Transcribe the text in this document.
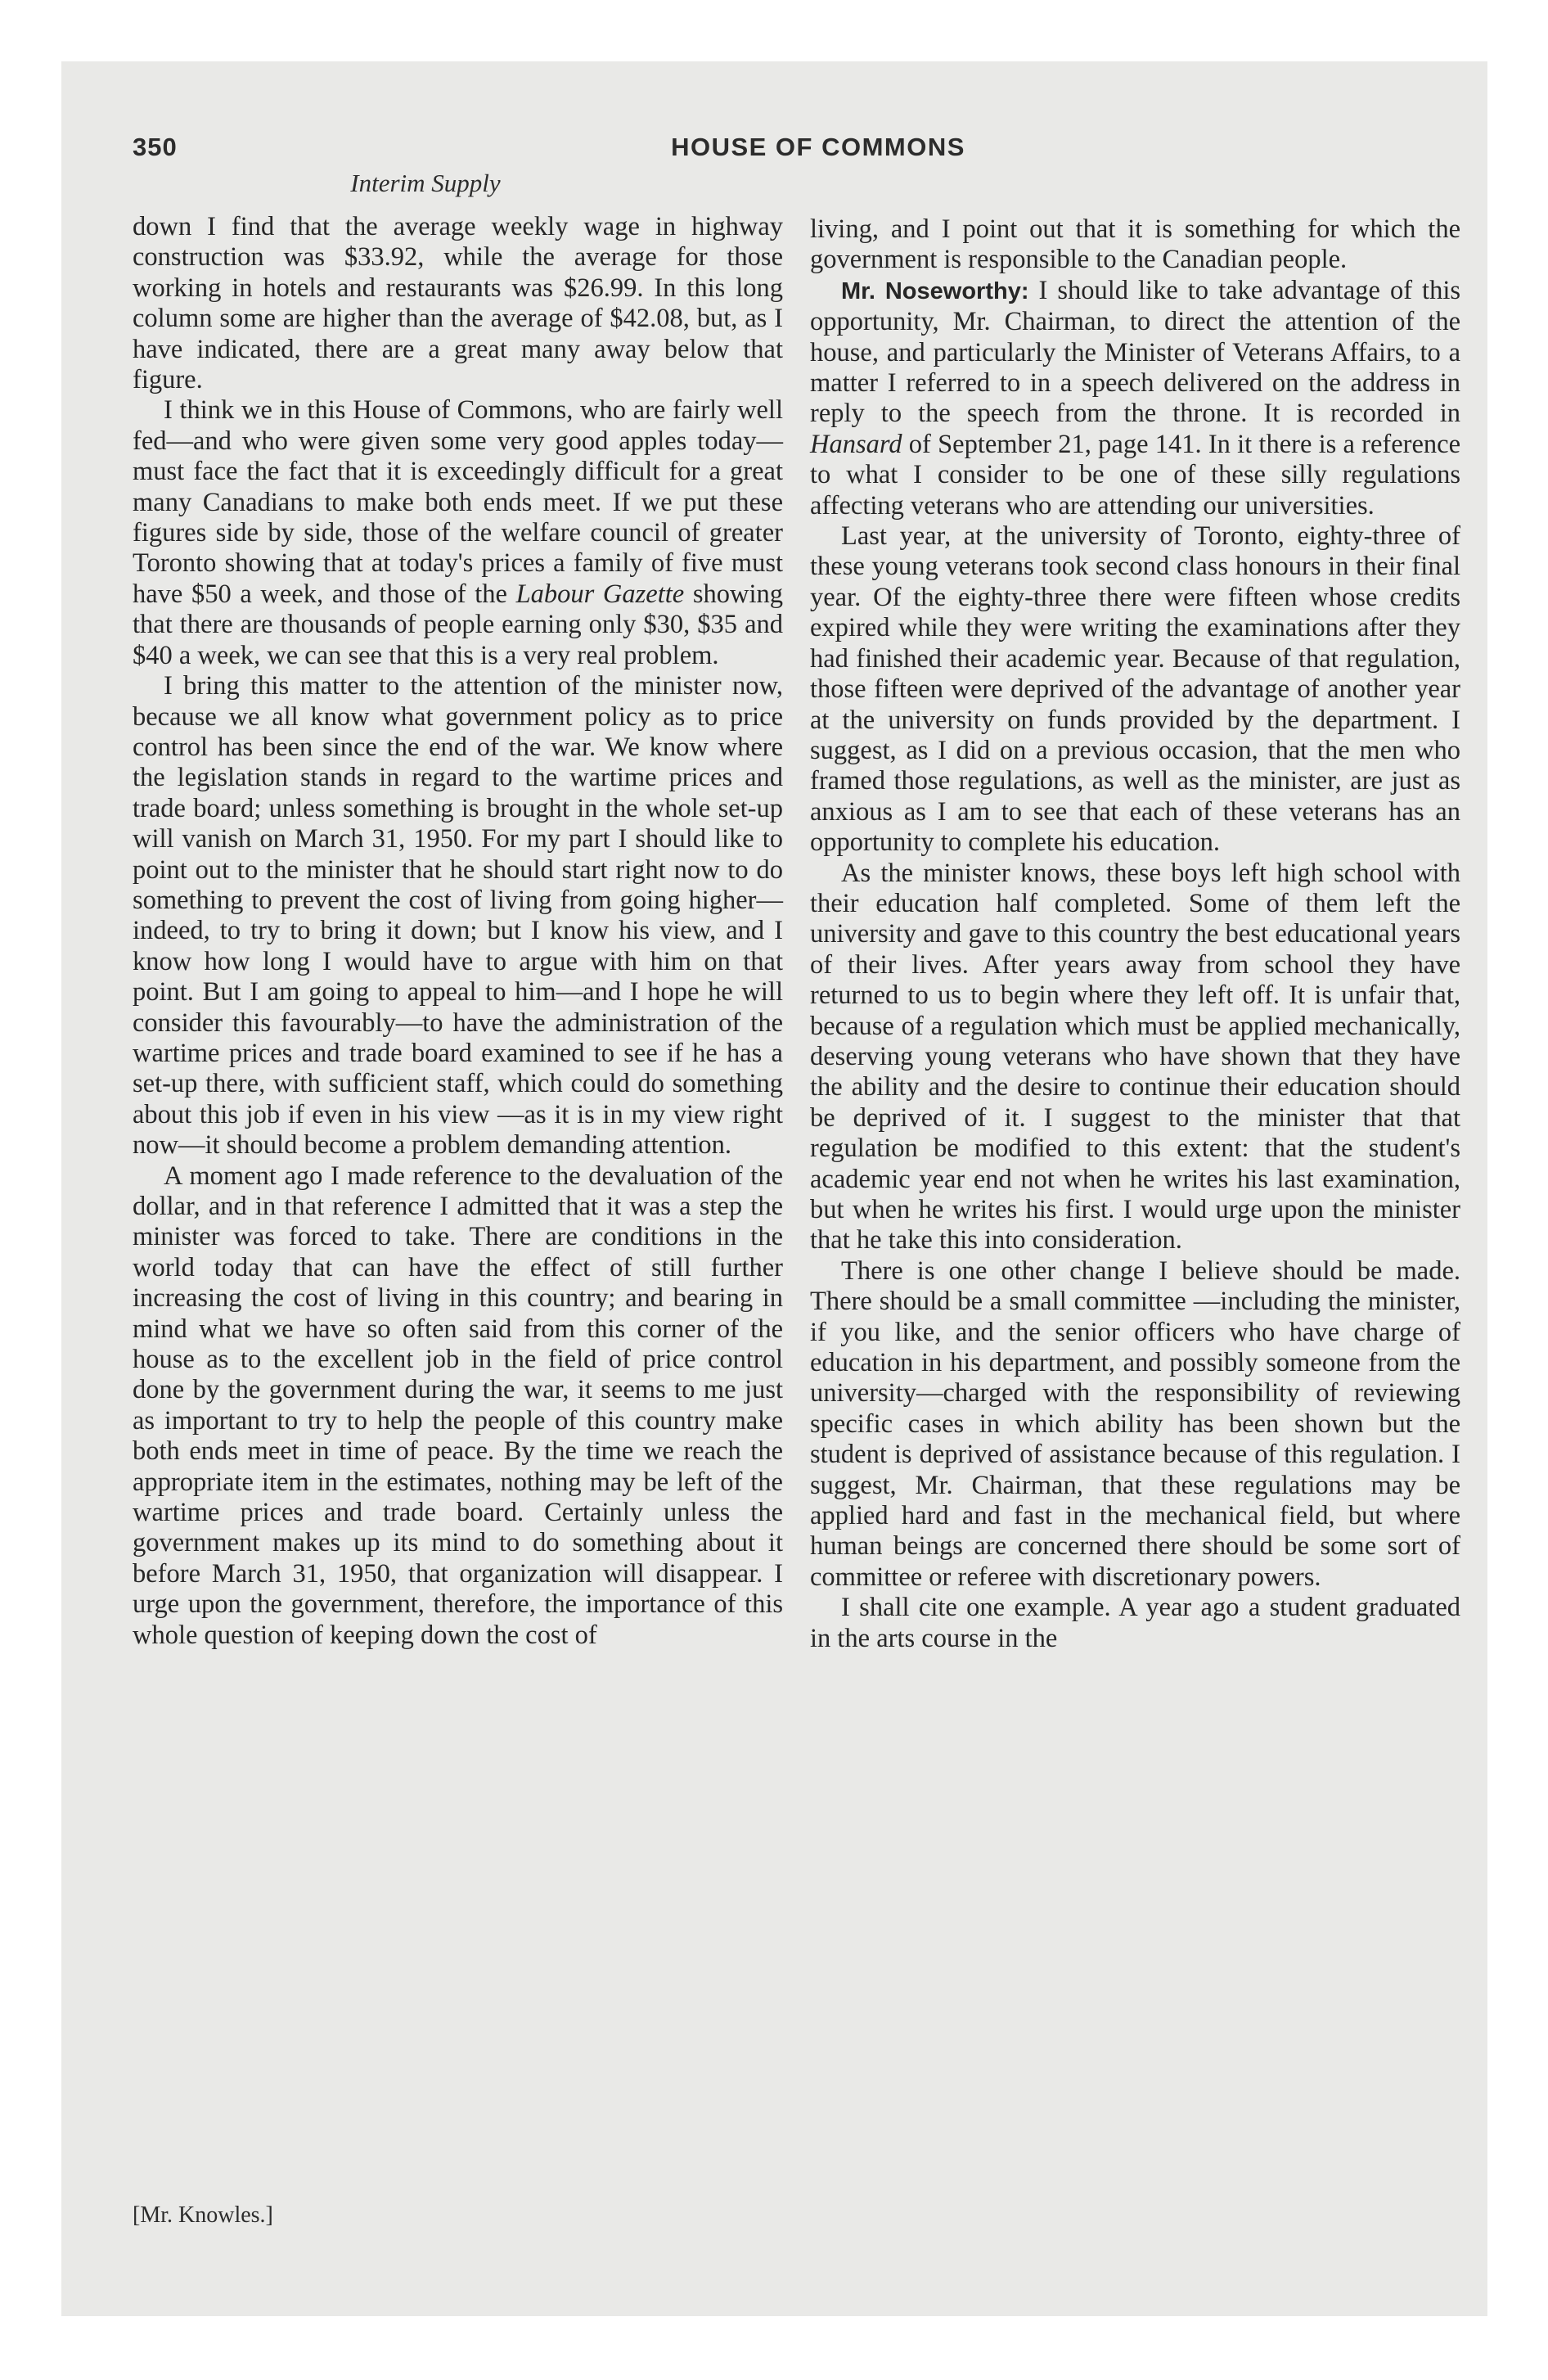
350	HOUSE OF COMMONS
Interim Supply

down I find that the average weekly wage in highway construction was $33.92, while the average for those working in hotels and restaurants was $26.99. In this long column some are higher than the average of $42.08, but, as I have indicated, there are a great many away below that figure.

I think we in this House of Commons, who are fairly well fed—and who were given some very good apples today—must face the fact that it is exceedingly difficult for a great many Canadians to make both ends meet. If we put these figures side by side, those of the welfare council of greater Toronto showing that at today's prices a family of five must have $50 a week, and those of the Labour Gazette showing that there are thousands of people earning only $30, $35 and $40 a week, we can see that this is a very real problem.

I bring this matter to the attention of the minister now, because we all know what government policy as to price control has been since the end of the war. We know where the legislation stands in regard to the wartime prices and trade board; unless something is brought in the whole set-up will vanish on March 31, 1950. For my part I should like to point out to the minister that he should start right now to do something to prevent the cost of living from going higher—indeed, to try to bring it down; but I know his view, and I know how long I would have to argue with him on that point. But I am going to appeal to him—and I hope he will consider this favourably—to have the administration of the wartime prices and trade board examined to see if he has a set-up there, with sufficient staff, which could do something about this job if even in his view —as it is in my view right now—it should become a problem demanding attention.

A moment ago I made reference to the devaluation of the dollar, and in that reference I admitted that it was a step the minister was forced to take. There are conditions in the world today that can have the effect of still further increasing the cost of living in this country; and bearing in mind what we have so often said from this corner of the house as to the excellent job in the field of price control done by the government during the war, it seems to me just as important to try to help the people of this country make both ends meet in time of peace. By the time we reach the appropriate item in the estimates, nothing may be left of the wartime prices and trade board. Certainly unless the government makes up its mind to do something about it before March 31, 1950, that organization will disappear. I urge upon the government, therefore, the importance of this whole question of keeping down the cost of

living, and I point out that it is something for which the government is responsible to the Canadian people.

Mr. Noseworthy: I should like to take advantage of this opportunity, Mr. Chairman, to direct the attention of the house, and particularly the Minister of Veterans Affairs, to a matter I referred to in a speech delivered on the address in reply to the speech from the throne. It is recorded in Hansard of September 21, page 141. In it there is a reference to what I consider to be one of these silly regulations affecting veterans who are attending our universities.

Last year, at the university of Toronto, eighty-three of these young veterans took second class honours in their final year. Of the eighty-three there were fifteen whose credits expired while they were writing the examinations after they had finished their academic year. Because of that regulation, those fifteen were deprived of the advantage of another year at the university on funds provided by the department. I suggest, as I did on a previous occasion, that the men who framed those regulations, as well as the minister, are just as anxious as I am to see that each of these veterans has an opportunity to complete his education.

As the minister knows, these boys left high school with their education half completed. Some of them left the university and gave to this country the best educational years of their lives. After years away from school they have returned to us to begin where they left off. It is unfair that, because of a regulation which must be applied mechanically, deserving young veterans who have shown that they have the ability and the desire to continue their education should be deprived of it. I suggest to the minister that that regulation be modified to this extent: that the student's academic year end not when he writes his last examination, but when he writes his first. I would urge upon the minister that he take this into consideration.

There is one other change I believe should be made. There should be a small committee —including the minister, if you like, and the senior officers who have charge of education in his department, and possibly someone from the university—charged with the responsibility of reviewing specific cases in which ability has been shown but the student is deprived of assistance because of this regulation. I suggest, Mr. Chairman, that these regulations may be applied hard and fast in the mechanical field, but where human beings are concerned there should be some sort of committee or referee with discretionary powers.

I shall cite one example. A year ago a student graduated in the arts course in the

[Mr. Knowles.]
